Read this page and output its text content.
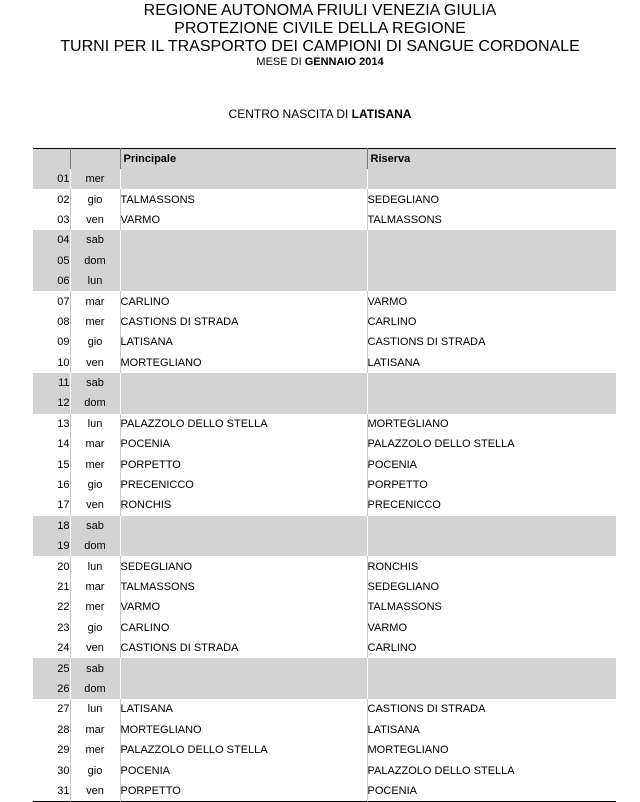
REGIONE AUTONOMA FRIULI VENEZIA GIULIA
PROTEZIONE CIVILE DELLA REGIONE
TURNI PER IL TRASPORTO DEI CAMPIONI DI SANGUE CORDONALE
MESE DI GENNAIO 2014
CENTRO NASCITA DI LATISANA
		Principale	Riserva
01	mer		
02	gio	TALMASSONS	SEDEGLIANO
03	ven	VARMO	TALMASSONS
04	sab		
05	dom		
06	lun		
07	mar	CARLINO	VARMO
08	mer	CASTIONS DI STRADA	CARLINO
09	gio	LATISANA	CASTIONS DI STRADA
10	ven	MORTEGLIANO	LATISANA
11	sab		
12	dom		
13	lun	PALAZZOLO DELLO STELLA	MORTEGLIANO
14	mar	POCENIA	PALAZZOLO DELLO STELLA
15	mer	PORPETTO	POCENIA
16	gio	PRECENICCO	PORPETTO
17	ven	RONCHIS	PRECENICCO
18	sab		
19	dom		
20	lun	SEDEGLIANO	RONCHIS
21	mar	TALMASSONS	SEDEGLIANO
22	mer	VARMO	TALMASSONS
23	gio	CARLINO	VARMO
24	ven	CASTIONS DI STRADA	CARLINO
25	sab		
26	dom		
27	lun	LATISANA	CASTIONS DI STRADA
28	mar	MORTEGLIANO	LATISANA
29	mer	PALAZZOLO DELLO STELLA	MORTEGLIANO
30	gio	POCENIA	PALAZZOLO DELLO STELLA
31	ven	PORPETTO	POCENIA
